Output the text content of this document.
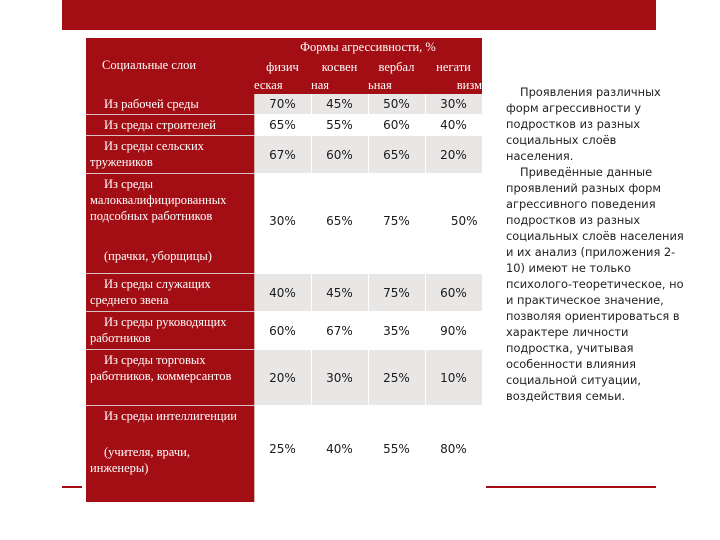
Социальные слои	Формы агрессивности, %			
	физич	косвен	вербал	негати
	еская	ная	ьная	визм
Из рабочей среды	70%	45%	50%	30%
Из среды строителей	65%	55%	60%	40%

Из среды сельских тружеников	67%	60%	65%	20%

Из среды малоквалифицированных подсобных работников
(прачки, уборщицы)	30%	65%	75%	50%

Из среды служащих среднего звена	40%	45%	75%	60%

Из среды руководящих работников	60%	67%	35%	90%

Из среды торговых работников, коммерсантов	20%	30%	25%	10%

Из среды интеллигенции
(учителя, врачи, инженеры)	25%	40%	55%	80%

Проявления различных форм агрессивности у подростков из разных социальных слоёв населения.

Приведённые данные проявлений разных форм агрессивного поведения подростков из разных социальных слоёв населения и их анализ (приложения 2-10) имеют не только психолого-теоретическое, но и практическое значение, позволяя ориентироваться в характере личности подростка, учитывая особенности влияния социальной ситуации, воздействия семьи.
